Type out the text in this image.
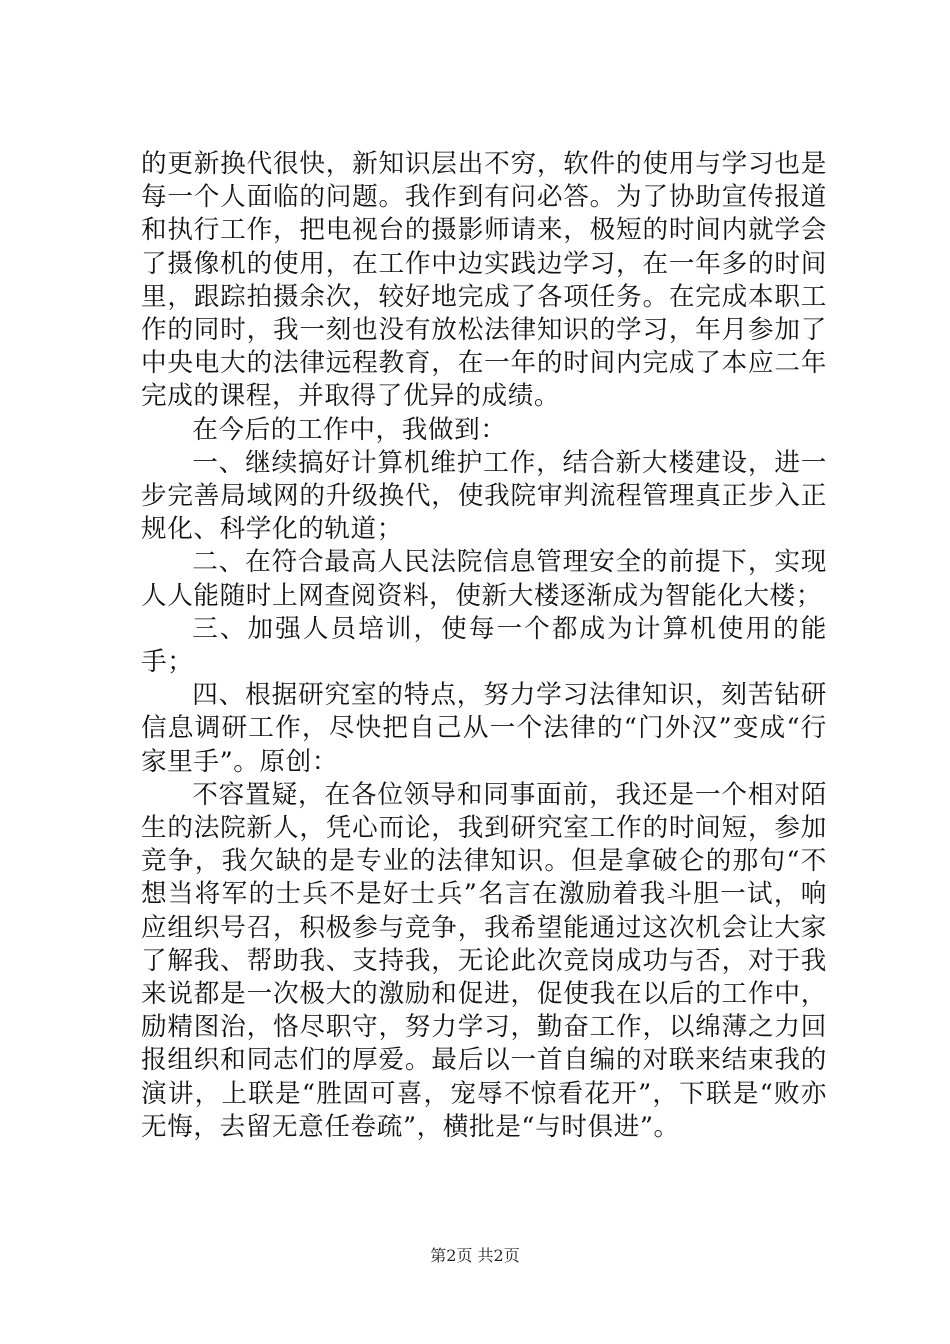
的更新换代很快，新知识层出不穷，软件的使用与学习也是每一个人面临的问题。我作到有问必答。为了协助宣传报道和执行工作，把电视台的摄影师请来，极短的时间内就学会了摄像机的使用，在工作中边实践边学习，在一年多的时间里，跟踪拍摄余次，较好地完成了各项任务。在完成本职工作的同时，我一刻也没有放松法律知识的学习，年月参加了中央电大的法律远程教育，在一年的时间内完成了本应二年完成的课程，并取得了优异的成绩。

在今后的工作中，我做到：

一、继续搞好计算机维护工作，结合新大楼建设，进一步完善局域网的升级换代，使我院审判流程管理真正步入正规化、科学化的轨道；

二、在符合最高人民法院信息管理安全的前提下，实现人人能随时上网查阅资料，使新大楼逐渐成为智能化大楼；

三、加强人员培训，使每一个都成为计算机使用的能手；

四、根据研究室的特点，努力学习法律知识，刻苦钻研信息调研工作，尽快把自己从一个法律的“门外汉”变成“行家里手”。原创：

不容置疑，在各位领导和同事面前，我还是一个相对陌生的法院新人，凭心而论，我到研究室工作的时间短，参加竞争，我欠缺的是专业的法律知识。但是拿破仑的那句“不想当将军的士兵不是好士兵”名言在激励着我斗胆一试，响应组织号召，积极参与竞争，我希望能通过这次机会让大家了解我、帮助我、支持我，无论此次竞岗成功与否，对于我来说都是一次极大的激励和促进，促使我在以后的工作中，励精图治，恪尽职守，努力学习，勤奋工作，以绵薄之力回报组织和同志们的厚爱。最后以一首自编的对联来结束我的演讲，上联是“胜固可喜，宠辱不惊看花开”，下联是“败亦无悔，去留无意任卷疏”，横批是“与时俱进”。

第2页 共2页
